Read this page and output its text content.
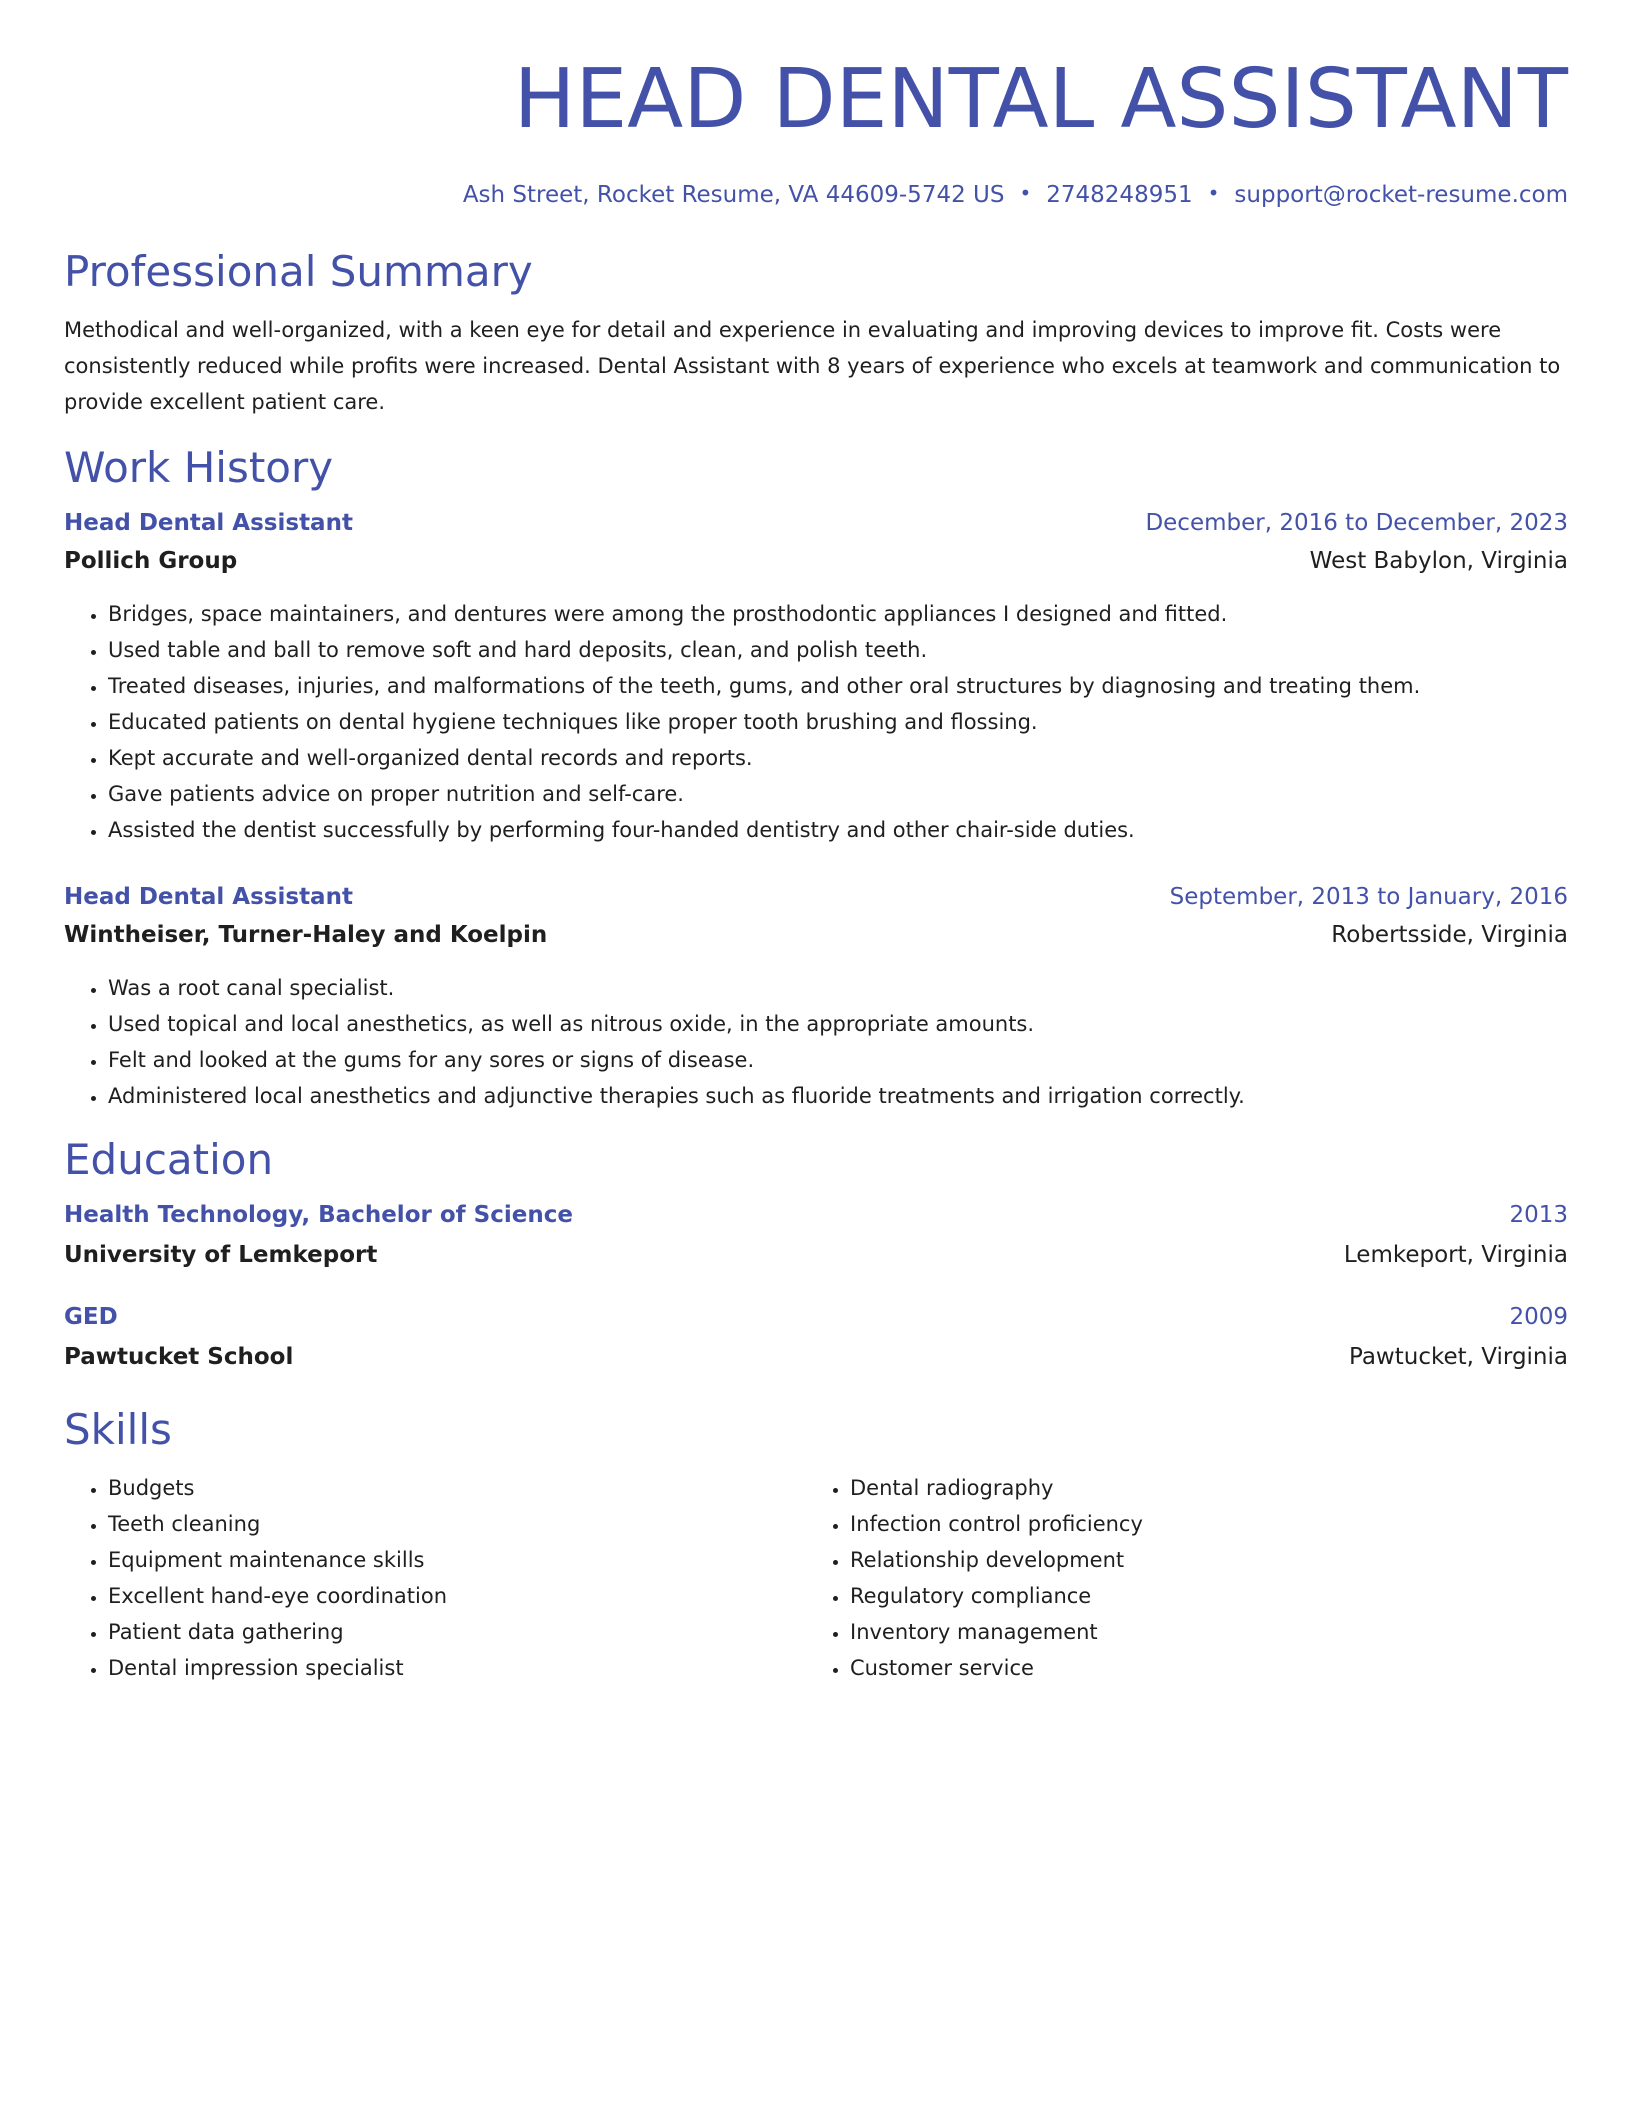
HEAD DENTAL ASSISTANT
Ash Street, Rocket Resume, VA 44609-5742 US • 2748248951 • support@rocket-resume.com
Professional Summary
Methodical and well-organized, with a keen eye for detail and experience in evaluating and improving devices to improve fit. Costs were consistently reduced while profits were increased. Dental Assistant with 8 years of experience who excels at teamwork and communication to provide excellent patient care.
Work History
Head Dental Assistant	December, 2016 to December, 2023
Pollich Group	West Babylon, Virginia
• Bridges, space maintainers, and dentures were among the prosthodontic appliances I designed and fitted.
• Used table and ball to remove soft and hard deposits, clean, and polish teeth.
• Treated diseases, injuries, and malformations of the teeth, gums, and other oral structures by diagnosing and treating them.
• Educated patients on dental hygiene techniques like proper tooth brushing and flossing.
• Kept accurate and well-organized dental records and reports.
• Gave patients advice on proper nutrition and self-care.
• Assisted the dentist successfully by performing four-handed dentistry and other chair-side duties.
Head Dental Assistant	September, 2013 to January, 2016
Wintheiser, Turner-Haley and Koelpin	Robertsside, Virginia
• Was a root canal specialist.
• Used topical and local anesthetics, as well as nitrous oxide, in the appropriate amounts.
• Felt and looked at the gums for any sores or signs of disease.
• Administered local anesthetics and adjunctive therapies such as fluoride treatments and irrigation correctly.
Education
Health Technology, Bachelor of Science	2013
University of Lemkeport	Lemkeport, Virginia
GED	2009
Pawtucket School	Pawtucket, Virginia
Skills
• Budgets
• Teeth cleaning
• Equipment maintenance skills
• Excellent hand-eye coordination
• Patient data gathering
• Dental impression specialist
• Dental radiography
• Infection control proficiency
• Relationship development
• Regulatory compliance
• Inventory management
• Customer service
